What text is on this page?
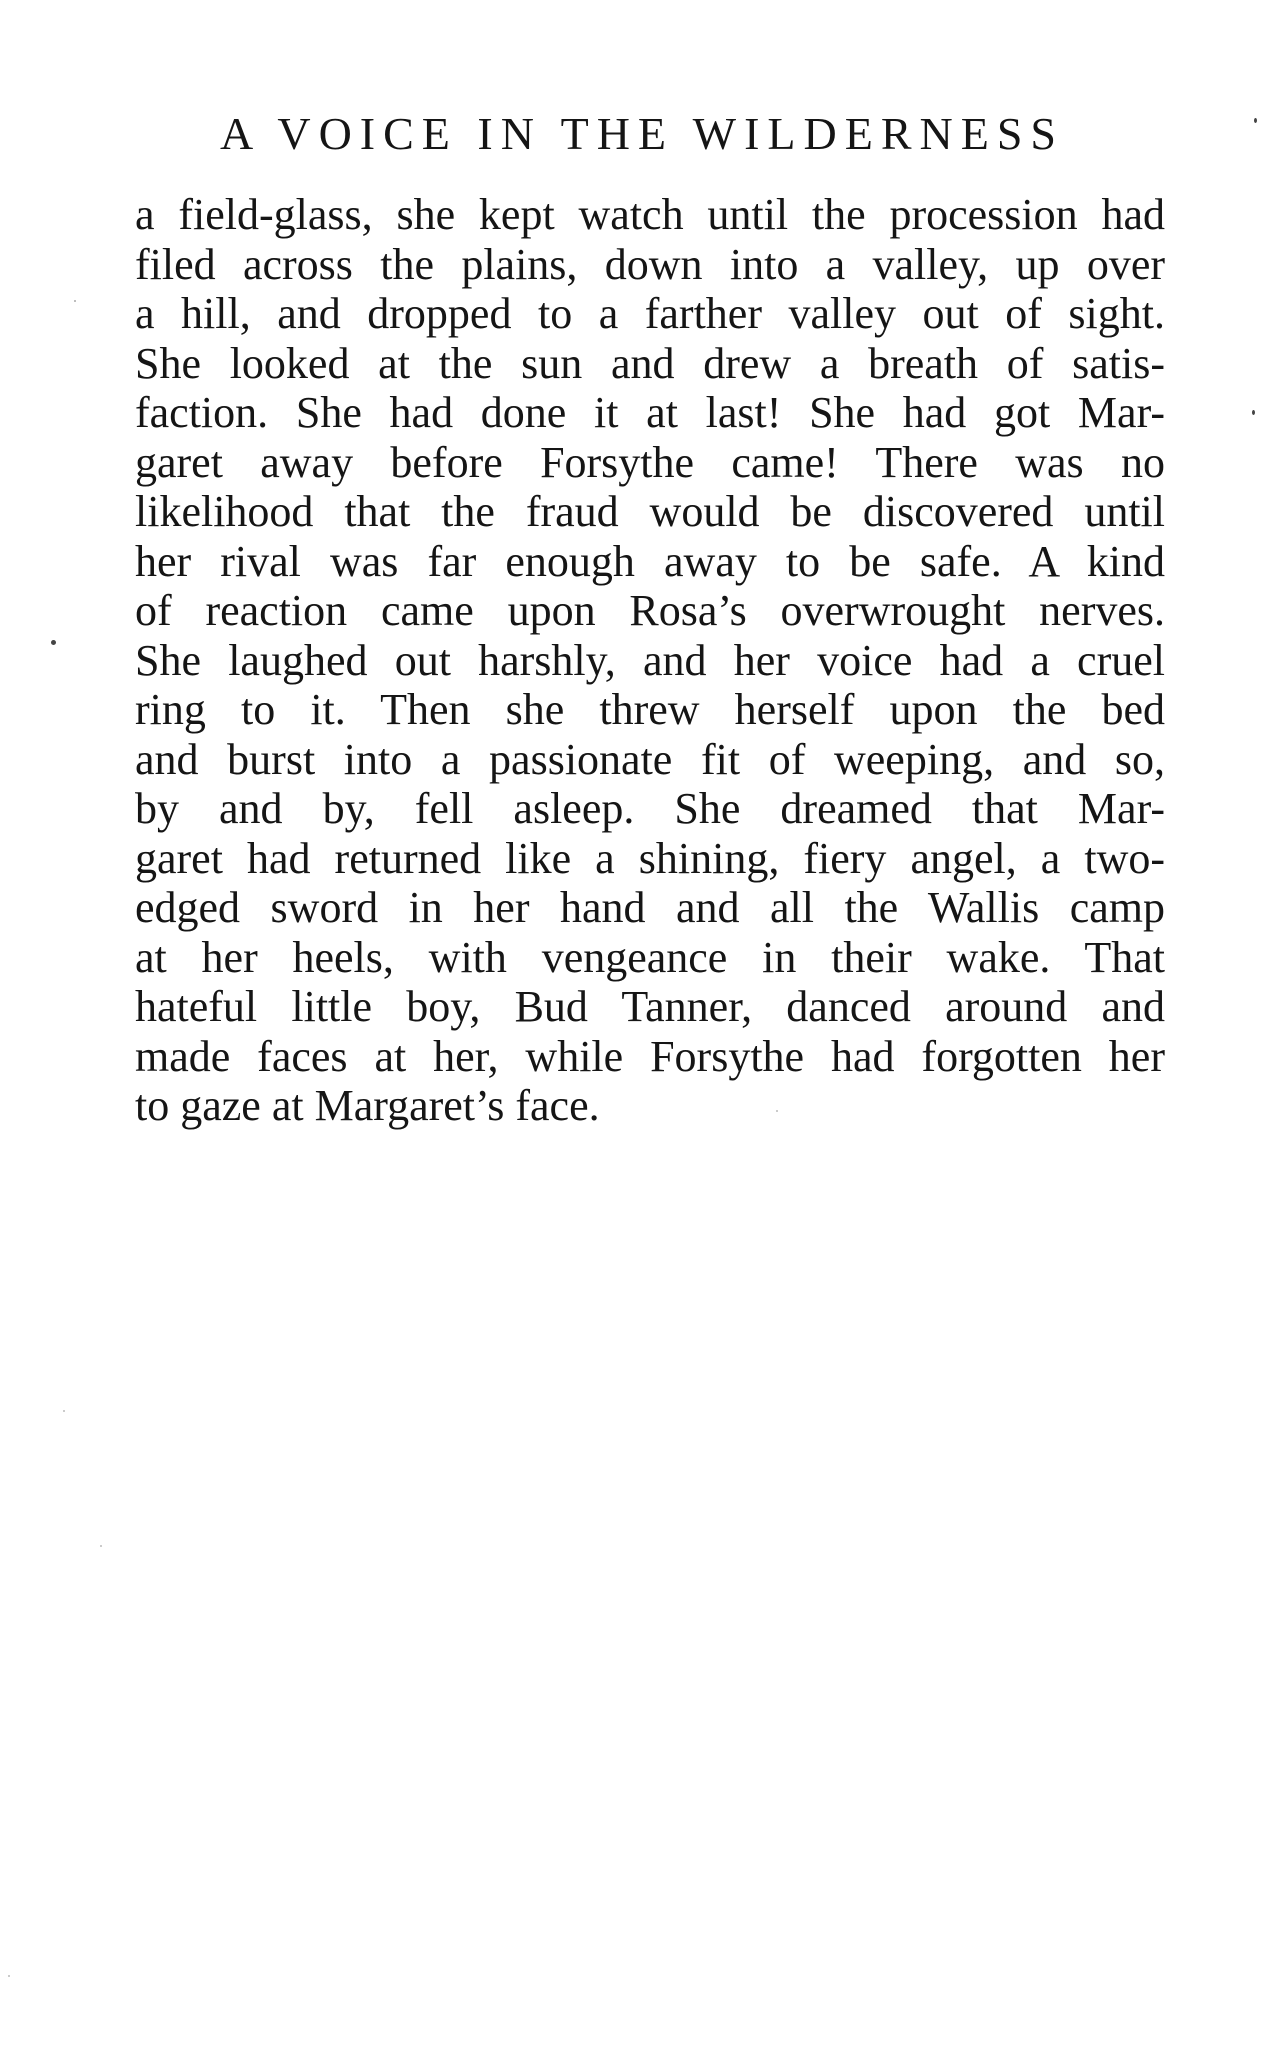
A VOICE IN THE WILDERNESS
a field-glass, she kept watch until the procession had
filed across the plains, down into a valley, up over
a hill, and dropped to a farther valley out of sight.
She looked at the sun and drew a breath of satis-
faction. She had done it at last! She had got Mar-
garet away before Forsythe came! There was no
likelihood that the fraud would be discovered until
her rival was far enough away to be safe. A kind
of reaction came upon Rosa’s overwrought nerves.
She laughed out harshly, and her voice had a cruel
ring to it. Then she threw herself upon the bed
and burst into a passionate fit of weeping, and so,
by and by, fell asleep. She dreamed that Mar-
garet had returned like a shining, fiery angel, a two-
edged sword in her hand and all the Wallis camp
at her heels, with vengeance in their wake. That
hateful little boy, Bud Tanner, danced around and
made faces at her, while Forsythe had forgotten her
to gaze at Margaret’s face.
